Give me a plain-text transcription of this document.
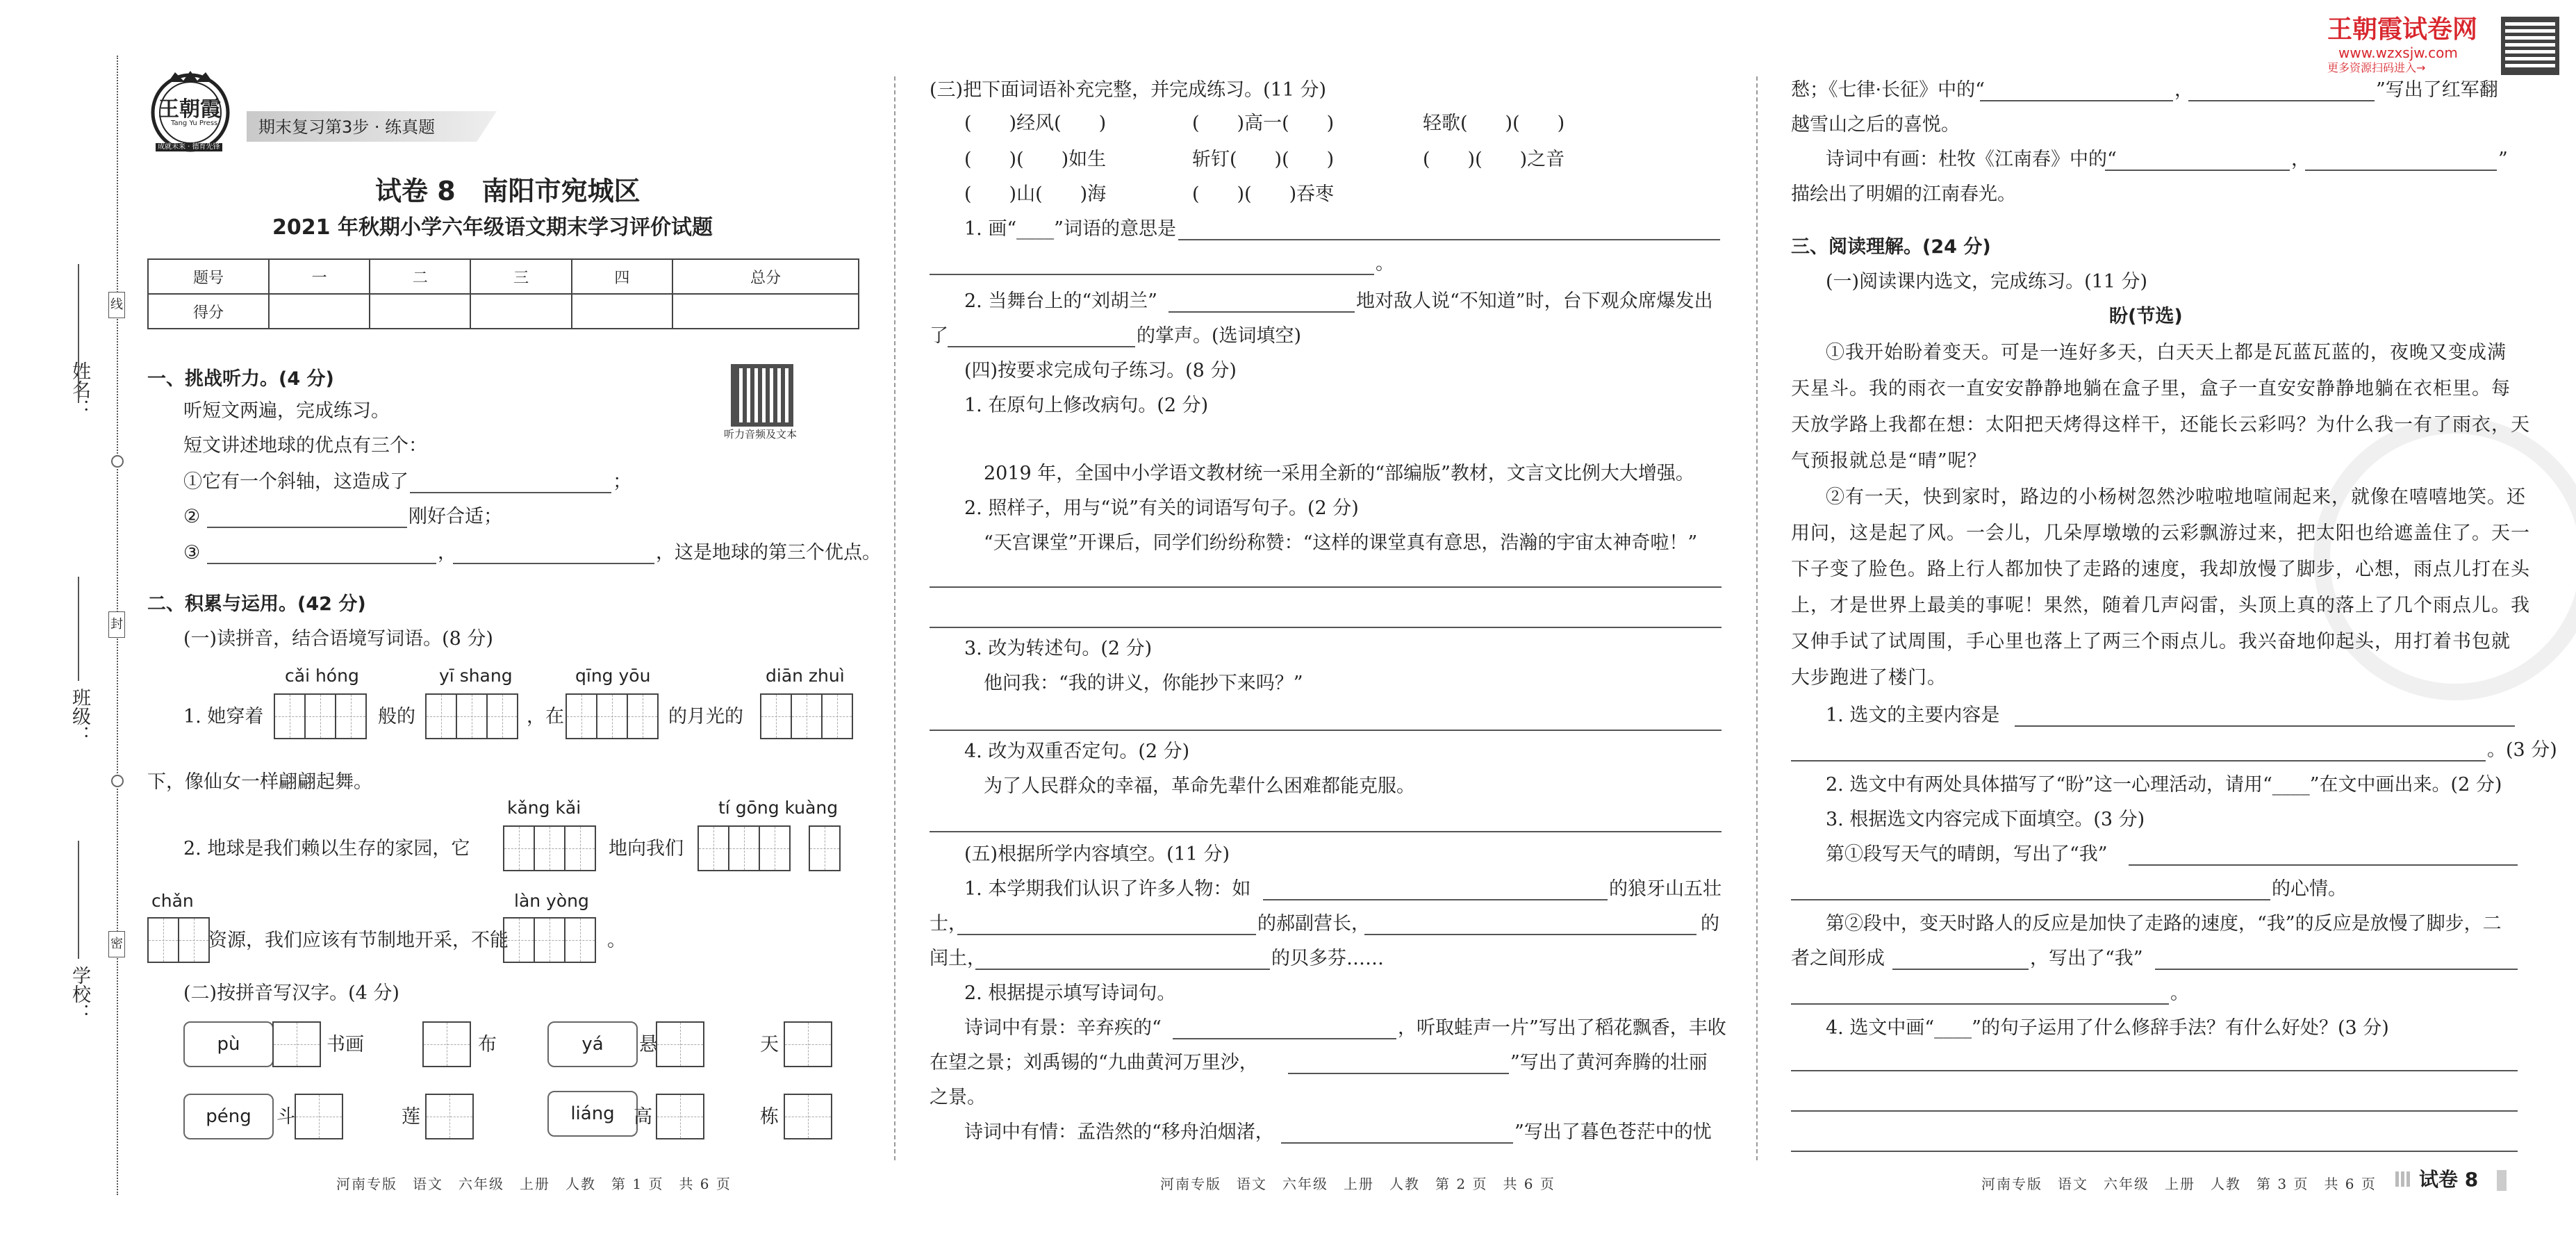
姓名：
班级：
学校：
线
封
密
王朝霞
Tang Yu Press
成就未来 · 德育先锋
期末复习第3步 · 练真题
试卷 8　南阳市宛城区
2021 年秋期小学六年级语文期末学习评价试题
题号	一	二	三	四	总分
得分					
一、挑战听力。(4 分)
听力音频及文本
听短文两遍，完成练习。
短文讲述地球的优点有三个：
①它有一个斜轴，这造成了	；
②	刚好合适；
③	，	，这是地球的第三个优点。
二、积累与运用。(42 分)
(一)读拼音，结合语境写词语。(8 分)
cǎi hóng	yī shang	qīng yōu	diān zhuì
1. 她穿着	般的	，在	的月光的
下，像仙女一样翩翩起舞。
kǎng kǎi	tí gōng kuàng
2. 地球是我们赖以生存的家园，它	地向我们
chǎn	làn yòng
资源，我们应该有节制地开采，不能	。
(二)按拼音写汉字。(4 分)
pù	书画	布	yá	悬	天
péng	斗	莲	liáng	高	栋
河南专版　语文　六年级　上册　人教　第 1 页　共 6 页
(三)把下面词语补充完整，并完成练习。(11 分)
(　　)经风(　　)	(　　)高一(　　)	轻歌(　　)(　　)
(　　)(　　)如生	斩钉(　　)(　　)	(　　)(　　)之音
(　　)山(　　)海	(　　)(　　)吞枣
1. 画“____”词语的意思是
。
2. 当舞台上的“刘胡兰”	地对敌人说“不知道”时，台下观众席爆发出
了	的掌声。(选词填空)
(四)按要求完成句子练习。(8 分)
1. 在原句上修改病句。(2 分)
2019 年，全国中小学语文教材统一采用全新的“部编版”教材，文言文比例大大增强。
2. 照样子，用与“说”有关的词语写句子。(2 分)
“天宫课堂”开课后，同学们纷纷称赞：“这样的课堂真有意思，浩瀚的宇宙太神奇啦！”
3. 改为转述句。(2 分)
他问我：“我的讲义，你能抄下来吗？”
4. 改为双重否定句。(2 分)
为了人民群众的幸福，革命先辈什么困难都能克服。
(五)根据所学内容填空。(11 分)
1. 本学期我们认识了许多人物：如	的狼牙山五壮
士，	的郝副营长，	的
闰土，	的贝多芬……
2. 根据提示填写诗词句。
诗词中有景：辛弃疾的“	，听取蛙声一片”写出了稻花飘香，丰收
在望之景；刘禹锡的“九曲黄河万里沙，	”写出了黄河奔腾的壮丽
之景。
诗词中有情：孟浩然的“移舟泊烟渚，	”写出了暮色苍茫中的忧
河南专版　语文　六年级　上册　人教　第 2 页　共 6 页
王朝霞试卷网
www.wzxsjw.com
更多资源扫码进入→
愁；《七律·长征》中的“	，	”写出了红军翻
越雪山之后的喜悦。
诗词中有画：杜牧《江南春》中的“	，	”
描绘出了明媚的江南春光。
三、阅读理解。(24 分)
(一)阅读课内选文，完成练习。(11 分)
盼(节选)
①我开始盼着变天。可是一连好多天，白天天上都是瓦蓝瓦蓝的，夜晚又变成满
天星斗。我的雨衣一直安安静静地躺在盒子里，盒子一直安安静静地躺在衣柜里。每
天放学路上我都在想：太阳把天烤得这样干，还能长云彩吗？为什么我一有了雨衣，天
气预报就总是“晴”呢？
②有一天，快到家时，路边的小杨树忽然沙啦啦地喧闹起来，就像在嘻嘻地笑。还
用问，这是起了风。一会儿，几朵厚墩墩的云彩飘游过来，把太阳也给遮盖住了。天一
下子变了脸色。路上行人都加快了走路的速度，我却放慢了脚步，心想，雨点儿打在头
上，才是世界上最美的事呢！果然，随着几声闷雷，头顶上真的落上了几个雨点儿。我
又伸手试了试周围，手心里也落上了两三个雨点儿。我兴奋地仰起头，用打着书包就
大步跑进了楼门。
1. 选文的主要内容是
。(3 分)
2. 选文中有两处具体描写了“盼”这一心理活动，请用“____”在文中画出来。(2 分)
3. 根据选文内容完成下面填空。(3 分)
第①段写天气的晴朗，写出了“我”
的心情。
第②段中，变天时路人的反应是加快了走路的速度，“我”的反应是放慢了脚步，二
者之间形成	，写出了“我”
。
4. 选文中画“____”的句子运用了什么修辞手法？有什么好处？(3 分)
河南专版　语文　六年级　上册　人教　第 3 页　共 6 页 试卷 8
